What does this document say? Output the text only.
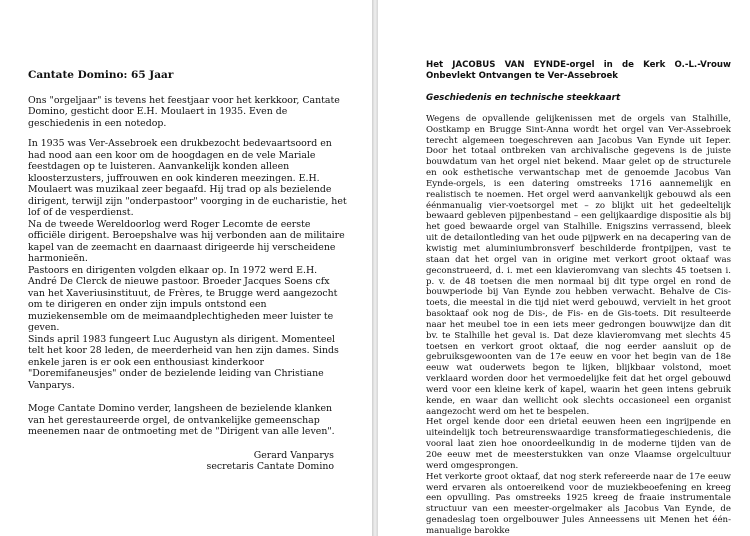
Cantate Domino: 65 Jaar

Ons "orgeljaar" is tevens het feestjaar voor het kerkkoor, Cantate Domino, gesticht door E.H. Moulaert in 1935. Even de geschiedenis in een notedop.

In 1935 was Ver-Assebroek een drukbezocht bedevaartsoord en had nood aan een koor om de hoogdagen en de vele Mariale feestdagen op te luisteren. Aanvankelijk konden alleen kloosterzusters, juffrouwen en ook kinderen meezingen. E.H. Moulaert was muzikaal zeer begaafd. Hij trad op als bezielende dirigent, terwijl zijn "onderpastoor" voorging in de eucharistie, het lof of de vesperdienst.

Na de tweede Wereldoorlog werd Roger Lecomte de eerste officiële dirigent. Beroepshalve was hij verbonden aan de militaire kapel van de zeemacht en daarnaast dirigeerde hij verscheidene harmonieën.

Pastoors en dirigenten volgden elkaar op. In 1972 werd E.H. André De Clerck de nieuwe pastoor. Broeder Jacques Soens cfx van het Xaveriusinstituut, de Frères, te Brugge werd aangezocht om te dirigeren en onder zijn impuls ontstond een muziekensemble om de meimaandplechtigheden meer luister te geven.

Sinds april 1983 fungeert Luc Augustyn als dirigent. Momenteel telt het koor 28 leden, de meerderheid van hen zijn dames. Sinds enkele jaren is er ook een enthousiast kinderkoor "Doremifaneusjes" onder de bezielende leiding van Christiane Vanparys.

Moge Cantate Domino verder, langsheen de bezielende klanken van het gerestaureerde orgel, de ontvankelijke gemeenschap meenemen naar de ontmoeting met de "Dirigent van alle leven".

Gerard Vanparys
secretaris Cantate Domino
Het JACOBUS VAN EYNDE-orgel in de Kerk O.-L.-Vrouw Onbevlekt Ontvangen te Ver-Assebroek
Geschiedenis en technische steekkaart

Wegens de opvallende gelijkenissen met de orgels van Stalhille, Oostkamp en Brugge Sint-Anna wordt het orgel van Ver-Assebroek terecht algemeen toegeschreven aan Jacobus Van Eynde uit Ieper. Door het totaal ontbreken van archivalische gegevens is de juiste bouwdatum van het orgel niet bekend. Maar gelet op de structurele en ook esthetische verwantschap met de genoemde Jacobus Van Eynde-orgels, is een datering omstreeks 1716 aannemelijk en realistisch te noemen. Het orgel werd aanvankelijk gebouwd als een éénmanualig vier-voetsorgel met – zo blijkt uit het gedeeltelijk bewaard gebleven pijpenbestand – een gelijkaardige dispositie als bij het goed bewaarde orgel van Stalhille. Enigszins verrassend, bleek uit de detailontleding van het oude pijpwerk en na decapering van de kwistig met aluminiumbronsverf beschilderde frontpijpen, vast te staan dat het orgel van in origine met verkort groot oktaaf was geconstrueerd, d. i. met een klavieromvang van slechts 45 toetsen i. p. v. de 48 toetsen die men normaal bij dit type orgel en rond de bouwperiode bij Van Eynde zou hebben verwacht. Behalve de Cis-toets, die meestal in die tijd niet werd gebouwd, vervielt in het groot basoktaaf ook nog de Dis-, de Fis- en de Gis-toets. Dit resulteerde naar het meubel toe in een iets meer gedrongen bouwwijze dan dit bv. te Stalhille het geval is. Dat deze klavieromvang met slechts 45 toetsen en verkort groot oktaaf, die nog eerder aansluit op de gebruiksgewoonten van de 17e eeuw en voor het begin van de 18e eeuw wat ouderwets begon te lijken, blijkbaar volstond, moet verklaard worden door het vermoedelijke feit dat het orgel gebouwd werd voor een kleine kerk of kapel, waarin het geen intens gebruik kende, en waar dan wellicht ook slechts occasioneel een organist aangezocht werd om het te bespelen.

Het orgel kende door een drietal eeuwen heen een ingrijpende en uiteindelijk toch betreurenswaardige transformatiegeschiedenis, die vooral laat zien hoe onoordeelkundig in de moderne tijden van de 20e eeuw met de meesterstukken van onze Vlaamse orgelcultuur werd omgesprongen.

Het verkorte groot oktaaf, dat nog sterk refereerde naar de 17e eeuw werd ervaren als ontoereikend voor de muziekbeoefening en kreeg een opvulling. Pas omstreeks 1925 kreeg de fraaie instrumentale structuur van een meester-orgelmaker als Jacobus Van Eynde, de genadeslag toen orgelbouwer Jules Anneessens uit Menen het één-manualige barokke
